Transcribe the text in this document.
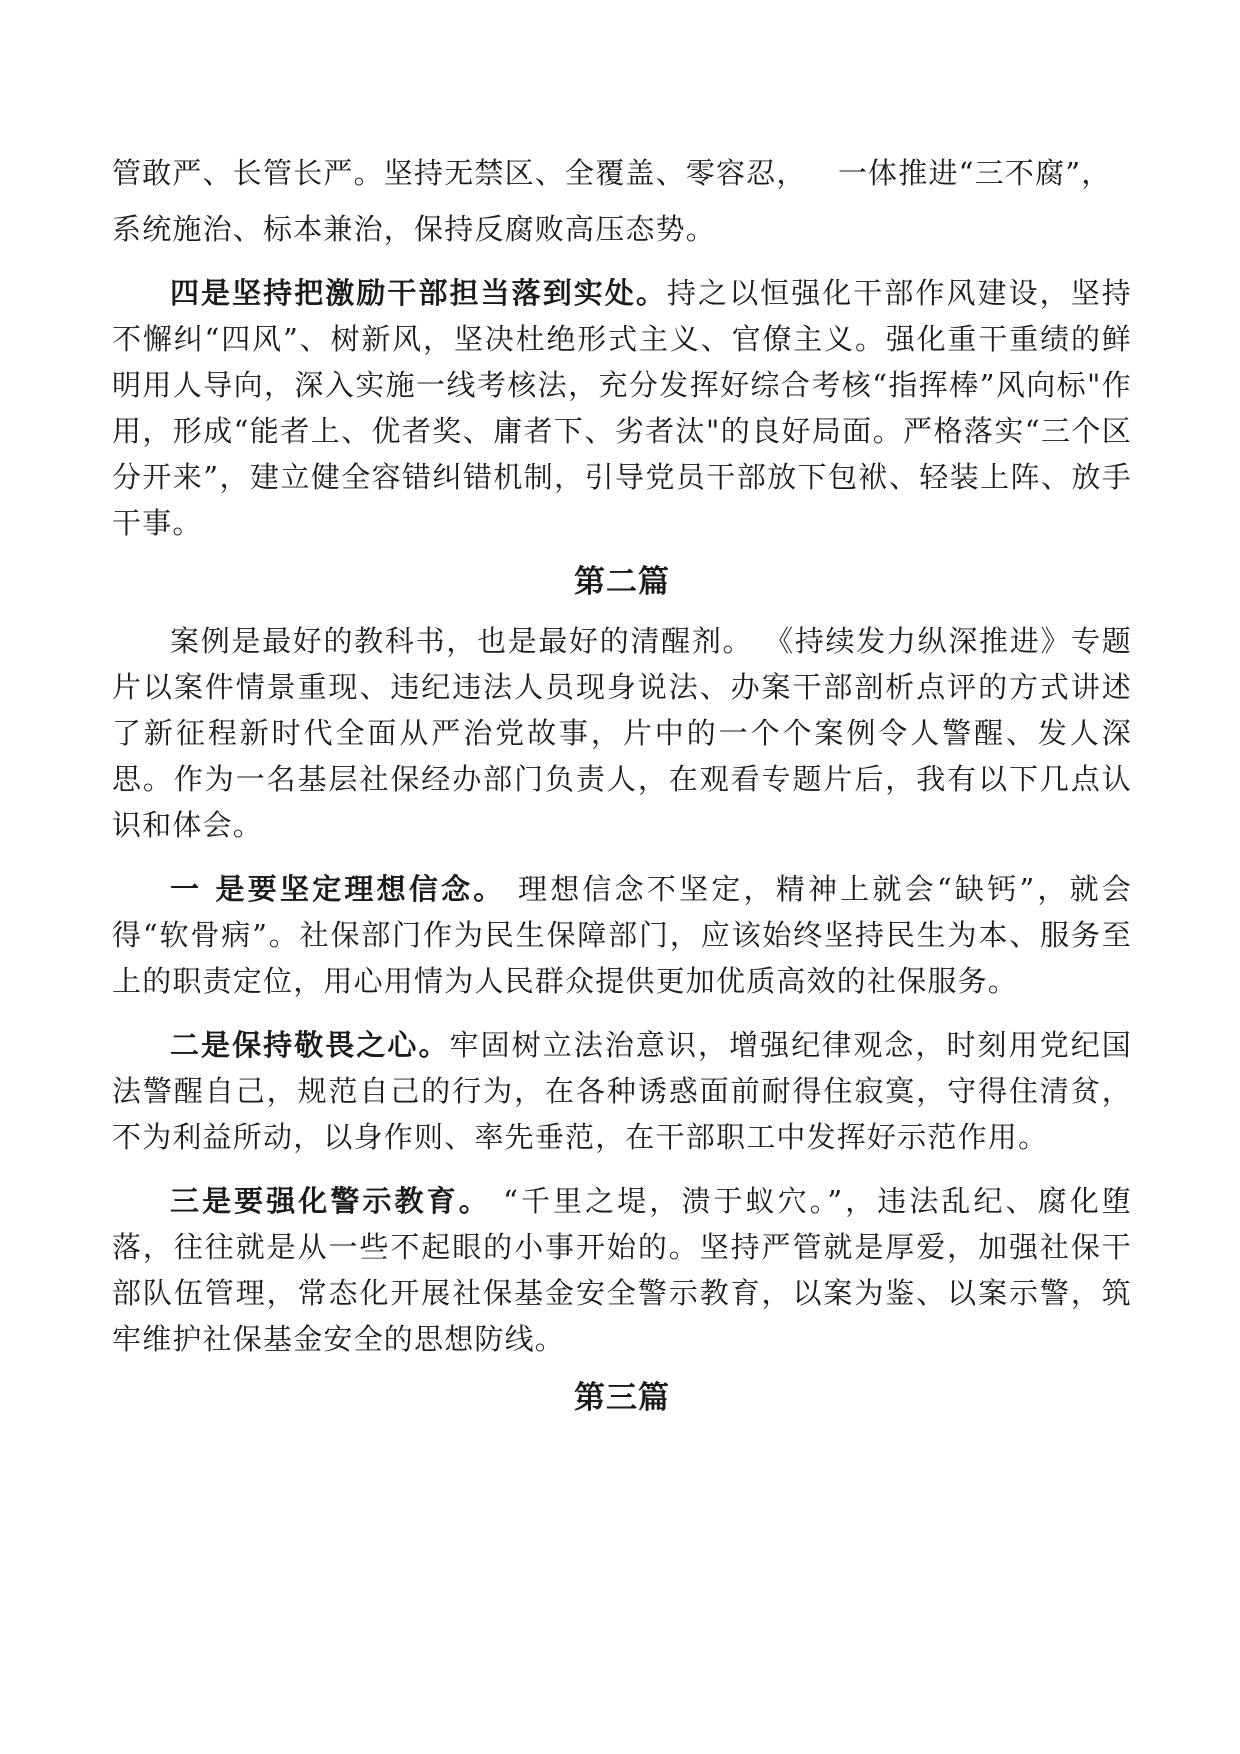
管敢严、长管长严。坚持无禁区、全覆盖、零容忍，   一体推进“三不腐”，

系统施治、标本兼治，保持反腐败高压态势。

四是坚持把激励干部担当落到实处。持之以恒强化干部作风建设，坚持不懈纠“四风”、树新风，坚决杜绝形式主义、官僚主义。强化重干重绩的鲜明用人导向，深入实施一线考核法，充分发挥好综合考核“指挥棒”风向标"作用，形成“能者上、优者奖、庸者下、劣者汰"的良好局面。严格落实“三个区分开来”，建立健全容错纠错机制，引导党员干部放下包袱、轻装上阵、放手干事。

第二篇

案例是最好的教科书，也是最好的清醒剂。 《持续发力纵深推进》专题片以案件情景重现、违纪违法人员现身说法、办案干部剖析点评的方式讲述了新征程新时代全面从严治党故事，片中的一个个案例令人警醒、发人深思。作为一名基层社保经办部门负责人，在观看专题片后，我有以下几点认识和体会。

一 是要坚定理想信念。 理想信念不坚定，精神上就会“缺钙”，就会得“软骨病”。社保部门作为民生保障部门，应该始终坚持民生为本、服务至上的职责定位，用心用情为人民群众提供更加优质高效的社保服务。

二是保持敬畏之心。牢固树立法治意识，增强纪律观念，时刻用党纪国法警醒自己，规范自己的行为，在各种诱惑面前耐得住寂寞，守得住清贫，不为利益所动，以身作则、率先垂范，在干部职工中发挥好示范作用。

三是要强化警示教育。 “千里之堤，溃于蚁穴。”，违法乱纪、腐化堕落，往往就是从一些不起眼的小事开始的。坚持严管就是厚爱，加强社保干部队伍管理，常态化开展社保基金安全警示教育，以案为鉴、以案示警，筑牢维护社保基金安全的思想防线。

第三篇
